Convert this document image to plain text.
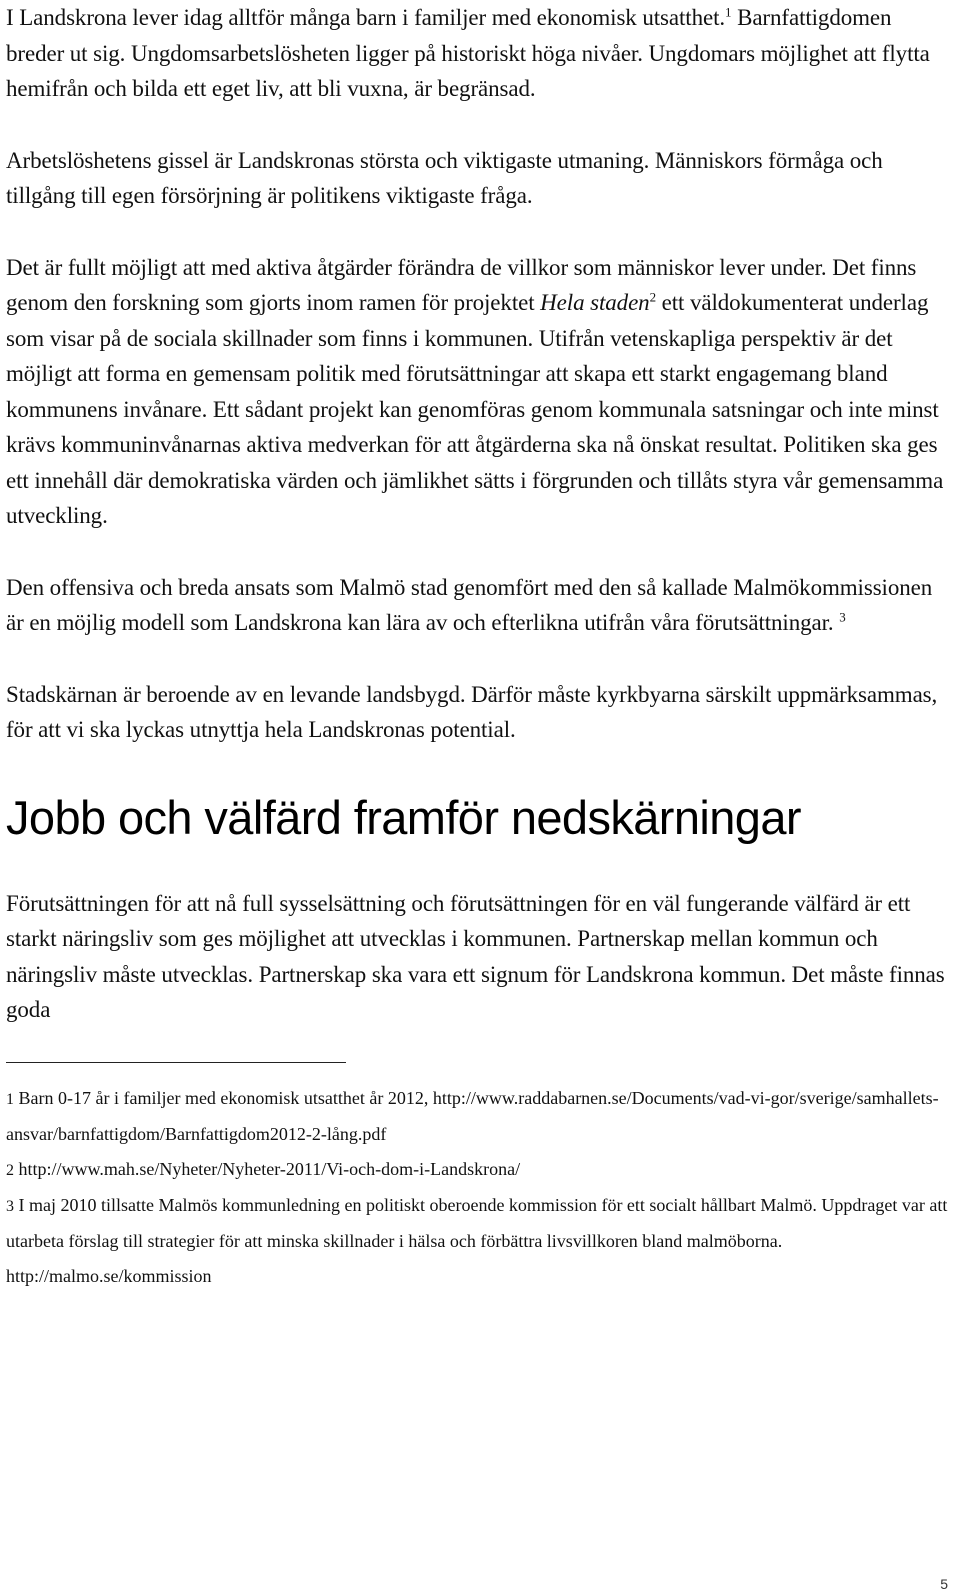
I Landskrona lever idag alltför många barn i familjer med ekonomisk utsatthet.$^1$ Barnfattigdomen breder ut sig. Ungdomsarbetslösheten ligger på historiskt höga nivåer. Ungdomars möjlighet att flytta hemifrån och bilda ett eget liv, att bli vuxna, är begränsad.

Arbetslöshetens gissel är Landskronas största och viktigaste utmaning. Människors förmåga och tillgång till egen försörjning är politikens viktigaste fråga.

Det är fullt möjligt att med aktiva åtgärder förändra de villkor som människor lever under. Det finns genom den forskning som gjorts inom ramen för projektet Hela staden$^2$ ett väldokumenterat underlag som visar på de sociala skillnader som finns i kommunen. Utifrån vetenskapliga perspektiv är det möjligt att forma en gemensam politik med förutsättningar att skapa ett starkt engagemang bland kommunens invånare. Ett sådant projekt kan genomföras genom kommunala satsningar och inte minst krävs kommuninvånarnas aktiva medverkan för att åtgärderna ska nå önskat resultat. Politiken ska ges ett innehåll där demokratiska värden och jämlikhet sätts i förgrunden och tillåts styra vår gemensamma utveckling.

Den offensiva och breda ansats som Malmö stad genomfört med den så kallade Malmökommissionen är en möjlig modell som Landskrona kan lära av och efterlikna utifrån våra förutsättningar. $^3$

Stadskärnan är beroende av en levande landsbygd. Därför måste kyrkbyarna särskilt uppmärksammas, för att vi ska lyckas utnyttja hela Landskronas potential.

Jobb och välfärd framför nedskärningar

Förutsättningen för att nå full sysselsättning och förutsättningen för en väl fungerande välfärd är ett starkt näringsliv som ges möjlighet att utvecklas i kommunen. Partnerskap mellan kommun och näringsliv måste utvecklas. Partnerskap ska vara ett signum för Landskrona kommun. Det måste finnas goda

1 Barn 0-17 år i familjer med ekonomisk utsatthet år 2012, http://www.raddabarnen.se/Documents/vad-vi-gor/sverige/samhallets-ansvar/barnfattigdom/Barnfattigdom2012-2-lång.pdf

2 http://www.mah.se/Nyheter/Nyheter-2011/Vi-och-dom-i-Landskrona/

3 I maj 2010 tillsatte Malmös kommunledning en politiskt oberoende kommission för ett socialt hållbart Malmö. Uppdraget var att utarbeta förslag till strategier för att minska skillnader i hälsa och förbättra livsvillkoren bland malmöborna. http://malmo.se/kommission

5
